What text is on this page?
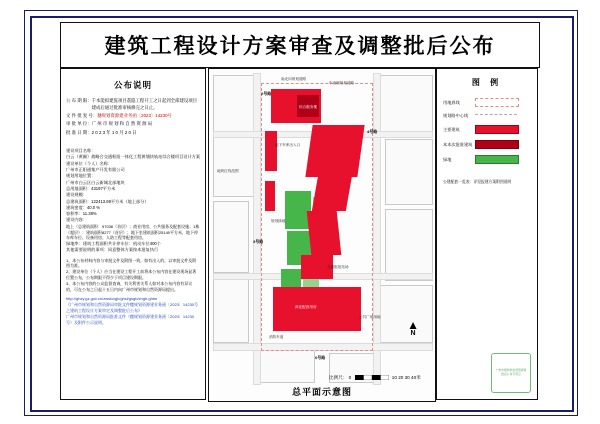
建筑工程设计方案审查及调整批后公布
公布说明
公 布 期 限： 千本能拟建旌项目荔隐工程开工之日起到全部建设项目建成后通过批准审核修完之日止。
文 件 批 复 号： 穗规划资源建业务函〔2023〕14230号
审 批 单 位： 广 州 市 规 划 和 自 然 资 源 局
批 准 日 期： 2 0 2 3 年 1 0 月 2 0 日
建设项目名称：
白云（黄圃）战略合交通枢纽一体化工程黄埔快轨站综合楼项目设计方案
建设单位（个人）名称：
广州市正阳通集产开发有限公司
规划用地位置：
广州市白云区白云新城北部地块
总用地面积：43197平方米
建设规模：
总建筑面积：122413.69平方米（地上部分）
建筑密度：40.0 %
容积率：11.38%
建设内容：
地上（总建筑面积：97036（首层）；商业用房、公共服务及配套设施；1栋（超层）：建筑面积8277（首层）；地下室建筑面积25140平方米，地下停车库车位、设备用房、人防工程等配套用房。
绿地率：建筑工程面积共计停车位：机动车位400个
其他需要说明的事项：同意整体方案按本批复执行
1、本公布材料内容与审批文件及附图一致，如有出入的，以审批文件及附图为准。
2、建设单位（个人）应当在建设工程开工前将本公布内容在建设现场显著位置公布，公布期限不得少于项目建设期限。
3、本公布内容的公众监督查询，有关利害关系人如对本公布内容有异议的，可在公布之日起十五日内向广州市规划和自然资源局提出。
http://ghzy.gz.gov.cn/zwsl/cqjk/ghsl/gsgb/zhgb.ghtm
《广州市规划和自然资源局审批文件穗规划资源建业务函〔2023〕14230号之建筑工程设计方案审定及调整批后公布》
广州市规划和自然资源局批准文件（穗规划资源建业务函〔2023〕14230号）及附件公示说明。
2号路
4号路
3号路
6号路
南北向规划道路
东南侧规划道路
综合服务楼
地下车库出入口
规划绿地
交通枢纽站场
商业配套用房
消防车道
公共广场用地
地块红线范围
▲
N
比例尺： 0	10 20 30 40米
总平面示意图
图 例
用地界线
规划路中心线
主要建筑
本本次批准建筑
绿地
公建配套一览表：详见报建方案附图说明
广州市规划和自然资源局 批后公布专用章
